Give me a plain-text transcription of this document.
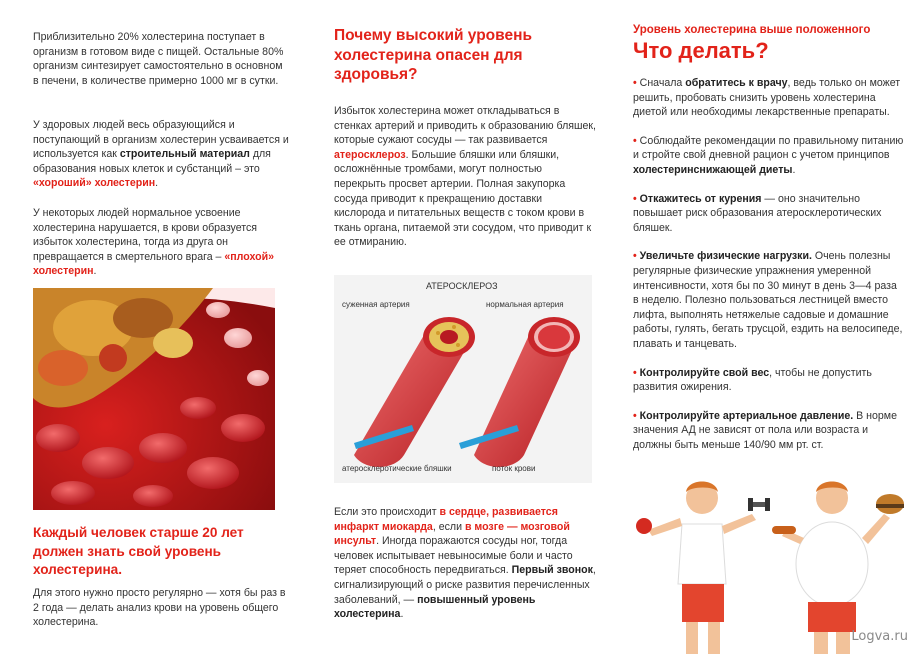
Приблизительно 20% холестерина поступает в организм в готовом виде с пищей. Остальные 80% организм синтезирует самостоятельно в основном в печени, в количестве примерно 1000 мг в сутки.

У здоровых людей весь образующийся и поступающий в организм холестерин усваивается и используется как строительный материал для образования новых клеток и субстанций – это «хороший» холестерин.

У некоторых людей нормальное усвоение холестерина нарушается, в крови образуется избыток холестерина, тогда из друга он превращается в смертельного врага – «плохой» холестерин.

Каждый человек старше 20 лет должен знать свой уровень холестерина.

Для этого нужно просто регулярно — хотя бы раз в 2 года — делать анализ крови на уровень общего холестерина.

Почему высокий уровень холестерина опасен для здоровья?

Избыток холестерина может откладываться в стенках артерий и приводить к образованию бляшек, которые сужают сосуды — так развивается атеросклероз. Большие бляшки или бляшки, осложнённые тромбами, могут полностью перекрыть просвет артерии. Полная закупорка сосуда приводит к прекращению доставки кислорода и питательных веществ с током крови в ткань органа, питаемой эти сосудом, что приводит к ее отмиранию.

АТЕРОСКЛЕРОЗ
суженная артерия	нормальная артерия
атеросклеротические бляшки	поток крови

Если это происходит в сердце, развивается инфаркт миокарда, если в мозге — мозговой инсульт. Иногда поражаются сосуды ног, тогда человек испытывает невыносимые боли и часто теряет способность передвигаться. Первый звонок, сигнализирующий о риске развития перечисленных заболеваний, — повышенный уровень холестерина.

Уровень холестерина выше положенного

Что делать?

• Сначала обратитесь к врачу, ведь только он может решить, пробовать снизить уровень холестерина диетой или необходимы лекарственные препараты.

• Соблюдайте рекомендации по правильному питанию и стройте свой дневной рацион с учетом принципов холестеринснижающей диеты.

• Откажитесь от курения — оно значительно повышает риск образования атеросклеротических бляшек.

• Увеличьте физические нагрузки. Очень полезны регулярные физические упражнения умеренной интенсивности, хотя бы по 30 минут в день 3—4 раза в неделю. Полезно пользоваться лестницей вместо лифта, выполнять нетяжелые садовые и домашние работы, гулять, бегать трусцой, ездить на велосипеде, плавать и танцевать.

• Контролируйте свой вес, чтобы не допустить развития ожирения.

• Контролируйте артериальное давление. В норме значения АД не зависят от пола или возраста и должны быть меньше 140/90 мм рт. ст.

Logva.ru
